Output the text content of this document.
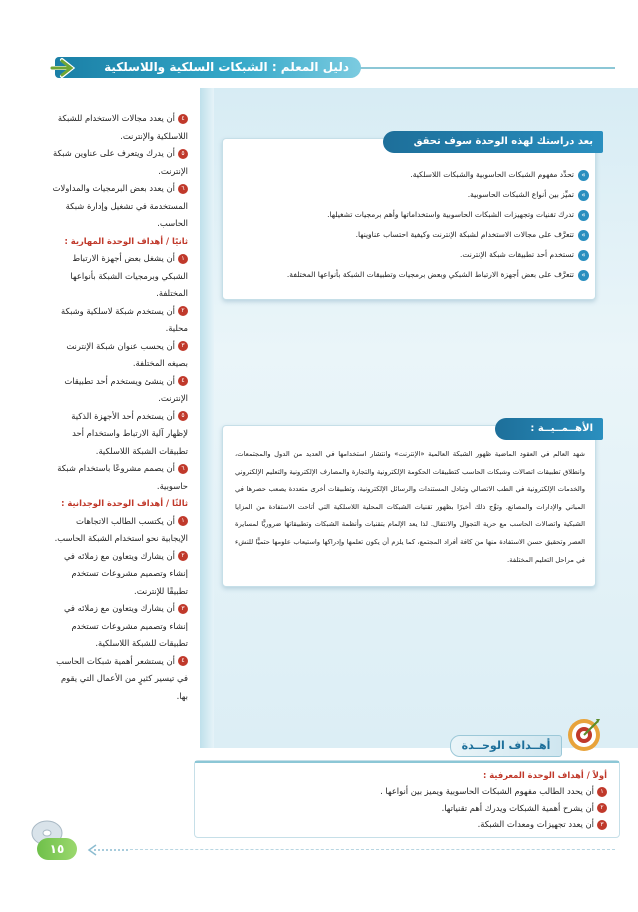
دليل المعلم : الشبكات السلكية واللاسلكية
بعد دراستك لهذه الوحدة سوف تحقق الأهداف التالية :
»تحدِّد مفهوم الشبكات الحاسوبية والشبكات اللاسلكية.
»تميِّز بين أنواع الشبكات الحاسوبية.
»تدرك تقنيات وتجهيزات الشبكات الحاسوبية واستخداماتها وأهم برمجيات تشغيلها.
»تتعرَّف على مجالات الاستخدام لشبكة الإنترنت وكيفية احتساب عناوينها.
»تستخدم أحد تطبيقات شبكة الإنترنت.
»تتعرَّف على بعض أجهزة الارتباط الشبكي وبعض برمجيات وتطبيقات الشبكة بأنواعها المختلفة.
الأهــمــيــة :
شهد العالم في العقود الماضية ظهور الشبكة العالمية «الإنترنت» وانتشار استخدامها في العديد من الدول والمجتمعات، وانطلاق تطبيقات اتصالات وشبكات الحاسب كتطبيقات الحكومة الإلكترونية والتجارة والمصارف الإلكترونية والتعليم الإلكتروني والخدمات الإلكترونية في الطب الاتصالي وتبادل المستندات والرسائل الإلكترونية، وتطبيقات أخرى متعددة يصعب حصرها في المباني والإدارات والمصانع. وتوِّج ذلك أخيرًا بظهور تقنيات الشبكات المحلية اللاسلكية التي أتاحت الاستفادة من المزايا الشبكية واتصالات الحاسب مع حرية التجوال والانتقال. لذا يعد الإلمام بتقنيات وأنظمة الشبكات وتطبيقاتها ضروريًّا لمسايرة العصر وتحقيق حسن الاستفادة منها من كافة أفراد المجتمع، كما يلزم أن يكون تعلمها وإدراكها واستيعاب علومها حتميًّا للنشء في مراحل التعليم المختلفة.
٤أن يعدد مجالات الاستخدام للشبكة اللاسلكية والإنترنت.
٥أن يدرك ويتعرف على عناوين شبكة الإنترنت.
٦أن يعدد بعض البرمجيات والمداولات المستخدمة في تشغيل وإدارة شبكة الحاسب.
ثانيًا / أهداف الوحدة المهارية :
١أن يشغل بعض أجهزة الارتباط الشبكي وبرمجيات الشبكة بأنواعها المختلفة.
٢أن يستخدم شبكة لاسلكية وشبكة محلية.
٣أن يحسب عنوان شبكة الإنترنت بصيغه المختلفة.
٤أن ينشئ ويستخدم أحد تطبيقات الإنترنت.
٥أن يستخدم أحد الأجهزة الذكية لإظهار آلية الارتباط واستخدام أحد تطبيقات الشبكة اللاسلكية.
٦أن يصمم مشروعًا باستخدام شبكة حاسوبية.
ثالثًا / أهداف الوحدة الوجدانية :
١أن يكتسب الطالب الاتجاهات الإيجابية نحو استخدام الشبكة الحاسب.
٢أن يشارك ويتعاون مع زملائه في إنشاء وتصميم مشروعات تستخدم تطبيقًا للإنترنت.
٣أن يشارك ويتعاون مع زملائه في إنشاء وتصميم مشروعات تستخدم تطبيقات للشبكة اللاسلكية.
٤أن يستشعر أهمية شبكات الحاسب في تيسير كثيرٍ من الأعمال التي يقوم بها.
أهــداف الوحــدة
أولاً / أهداف الوحدة المعرفية :
١أن يحدد الطالب مفهوم الشبكات الحاسوبية ويميز بين أنواعها .
٢أن يشرح أهمية الشبكات ويدرك أهم تقنياتها.
٣أن يعدد تجهيزات ومعدات الشبكة.
١٥
